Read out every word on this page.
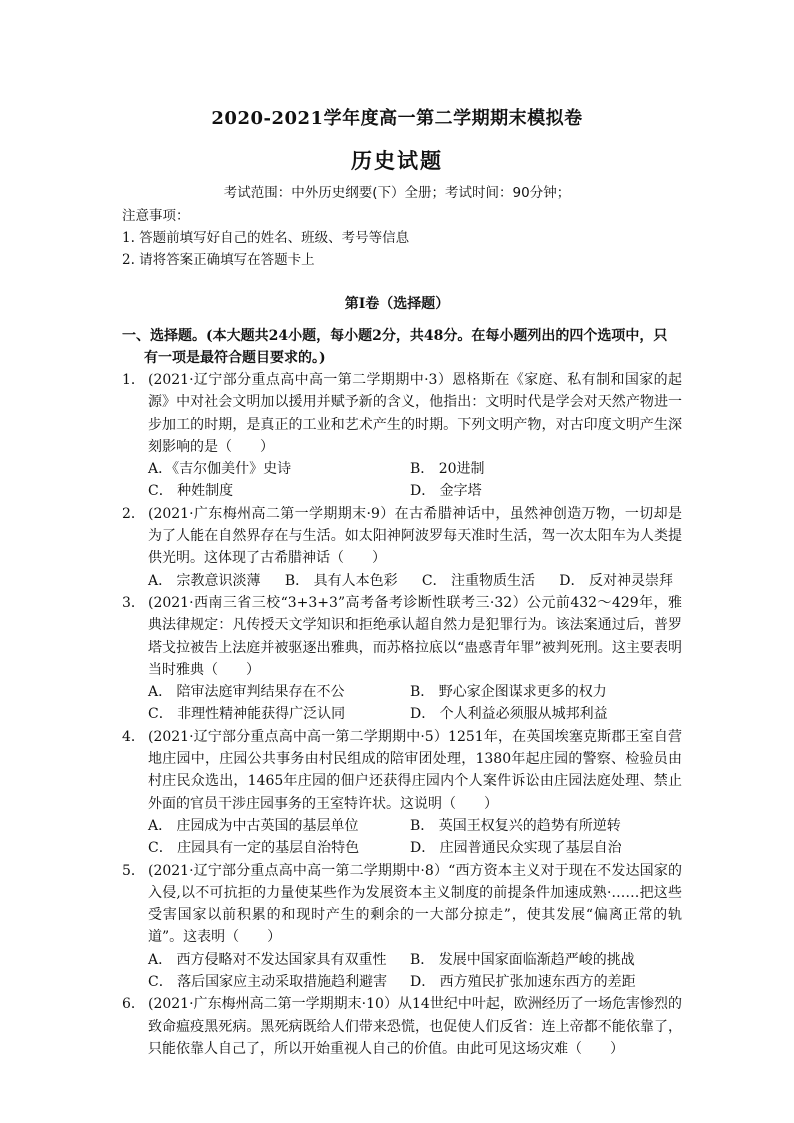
2020-2021学年度高一第二学期期末模拟卷
历史试题
考试范围：中外历史纲要(下）全册；考试时间：90分钟；
注意事项：
1. 答题前填写好自己的姓名、班级、考号等信息
2. 请将答案正确填写在答题卡上
第I卷（选择题）
一、选择题。(本大题共24小题，每小题2分，共48分。在每小题列出的四个选项中，只
有一项是最符合题目要求的。)
1． (2021·辽宁部分重点高中高一第二学期期中·3）恩格斯在《家庭、私有制和国家的起源》中对社会文明加以援用并赋予新的含义，他指出：文明时代是学会对天然产物进一步加工的时期，是真正的工业和艺术产生的时期。下列文明产物，对古印度文明产生深刻影响的是（　　）
A．《吉尔伽美什》史诗	B． 20进制
C． 种姓制度	D． 金字塔
2． (2021·广东梅州高二第一学期期末·9）在古希腊神话中，虽然神创造万物，一切却是为了人能在自然界存在与生活。如太阳神阿波罗每天准时生活，驾一次太阳车为人类提供光明。这体现了古希腊神话（　　）
A． 宗教意识淡薄 B． 具有人本色彩 C． 注重物质生活 D． 反对神灵崇拜
3． (2021·西南三省三校“3+3+3”高考备考诊断性联考三·32）公元前432～429年，雅典法律规定：凡传授天文学知识和拒绝承认超自然力是犯罪行为。该法案通过后，普罗塔戈拉被告上法庭并被驱逐出雅典，而苏格拉底以“蛊惑青年罪”被判死刑。这主要表明当时雅典（　　）
A． 陪审法庭审判结果存在不公	B． 野心家企图谋求更多的权力
C． 非理性精神能获得广泛认同	D． 个人利益必须服从城邦利益
4． (2021·辽宁部分重点高中高一第二学期期中·5）1251年，在英国埃塞克斯郡王室自营地庄园中，庄园公共事务由村民组成的陪审团处理，1380年起庄园的警察、检验员由村庄民众选出，1465年庄园的佃户还获得庄园内个人案件诉讼由庄园法庭处理、禁止外面的官员干涉庄园事务的王室特许状。这说明（　　）
A． 庄园成为中古英国的基层单位	B． 英国王权复兴的趋势有所逆转
C． 庄园具有一定的基层自治特色	D． 庄园普通民众实现了基层自治
5． (2021·辽宁部分重点高中高一第二学期期中·8）“西方资本主义对于现在不发达国家的入侵,以不可抗拒的力量使某些作为发展资本主义制度的前提条件加速成熟·……把这些受害国家以前积累的和现时产生的剩余的一大部分掠走”，使其发展“偏离正常的轨道”。这表明（　　）
A． 西方侵略对不发达国家具有双重性	B． 发展中国家面临渐趋严峻的挑战
C． 落后国家应主动采取措施趋利避害	D． 西方殖民扩张加速东西方的差距
6． (2021·广东梅州高二第一学期期末·10）从14世纪中叶起，欧洲经历了一场危害惨烈的致命瘟疫黑死病。黑死病既给人们带来恐慌，也促使人们反省：连上帝都不能依靠了，只能依靠人自己了，所以开始重视人自己的价值。由此可见这场灾难（　　）
